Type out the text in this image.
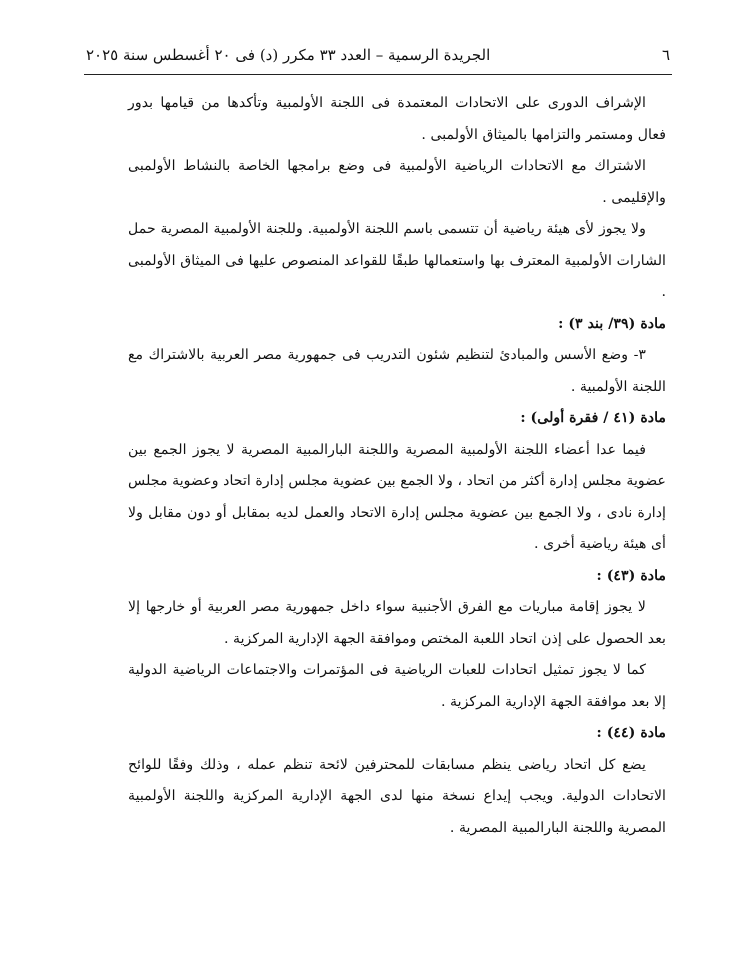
٦
الجريدة الرسمية – العدد ٣٣ مكرر (د) فى ٢٠ أغسطس سنة ٢٠٢٥

الإشراف الدورى على الاتحادات المعتمدة فى اللجنة الأولمبية وتأكدها من قيامها بدور فعال ومستمر والتزامها بالميثاق الأولمبى .

الاشتراك مع الاتحادات الرياضية الأولمبية فى وضع برامجها الخاصة بالنشاط الأولمبى والإقليمى .

ولا يجوز لأى هيئة رياضية أن تتسمى باسم اللجنة الأولمبية. وللجنة الأولمبية المصرية حمل الشارات الأولمبية المعترف بها واستعمالها طبقًا للقواعد المنصوص عليها فى الميثاق الأولمبى .

مادة (٣٩/ بند ٣) :

٣- وضع الأسس والمبادئ لتنظيم شئون التدريب فى جمهورية مصر العربية بالاشتراك مع اللجنة الأولمبية .

مادة (٤١ / فقرة أولى) :

فيما عدا أعضاء اللجنة الأولمبية المصرية واللجنة البارالمبية المصرية لا يجوز الجمع بين عضوية مجلس إدارة أكثر من اتحاد ، ولا الجمع بين عضوية مجلس إدارة اتحاد وعضوية مجلس إدارة نادى ، ولا الجمع بين عضوية مجلس إدارة الاتحاد والعمل لديه بمقابل أو دون مقابل ولا أى هيئة رياضية أخرى .

مادة (٤٣) :

لا يجوز إقامة مباريات مع الفرق الأجنبية سواء داخل جمهورية مصر العربية أو خارجها إلا بعد الحصول على إذن اتحاد اللعبة المختص وموافقة الجهة الإدارية المركزية .

كما لا يجوز تمثيل اتحادات للعبات الرياضية فى المؤتمرات والاجتماعات الرياضية الدولية إلا بعد موافقة الجهة الإدارية المركزية .

مادة (٤٤) :

يضع كل اتحاد رياضى ينظم مسابقات للمحترفين لائحة تنظم عمله ، وذلك وفقًا للوائح الاتحادات الدولية. ويجب إيداع نسخة منها لدى الجهة الإدارية المركزية واللجنة الأولمبية المصرية واللجنة البارالمبية المصرية .
